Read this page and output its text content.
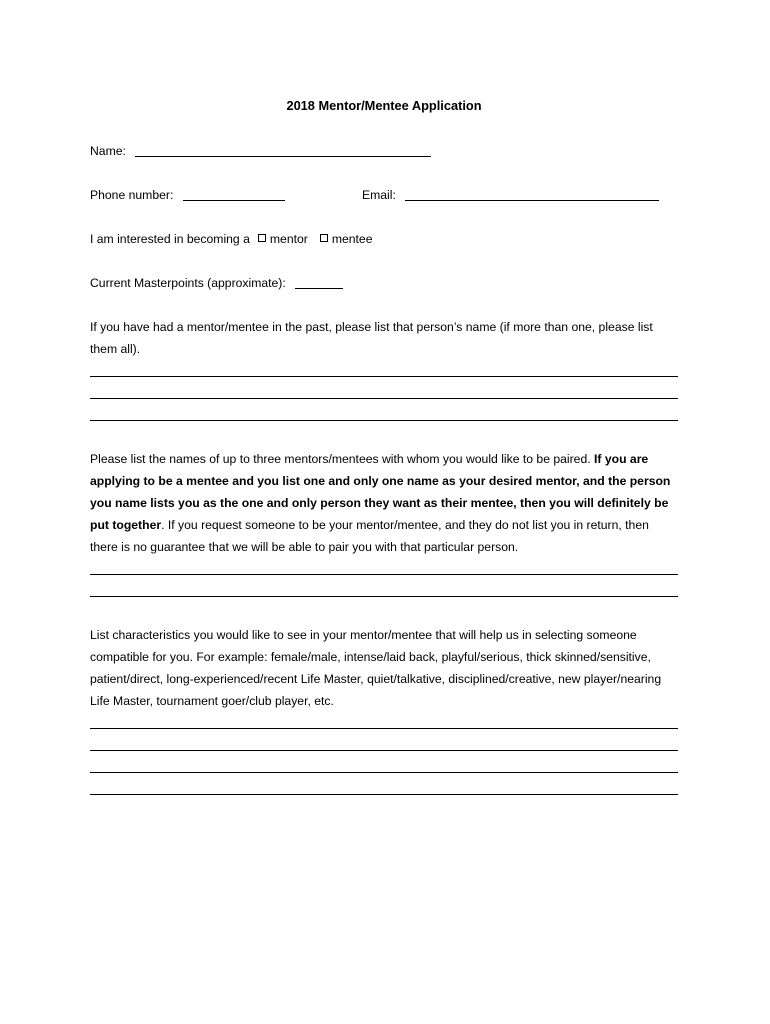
2018 Mentor/Mentee Application
Name:
Phone number:	Email:
I am interested in becoming a mentor mentee
Current Masterpoints (approximate):

If you have had a mentor/mentee in the past, please list that person’s name (if more than one, please list them all).

Please list the names of up to three mentors/mentees with whom you would like to be paired. If you are applying to be a mentee and you list one and only one name as your desired mentor, and the person you name lists you as the one and only person they want as their mentee, then you will definitely be put together. If you request someone to be your mentor/mentee, and they do not list you in return, then there is no guarantee that we will be able to pair you with that particular person.

List characteristics you would like to see in your mentor/mentee that will help us in selecting someone compatible for you. For example: female/male, intense/laid back, playful/serious, thick skinned/sensitive, patient/direct, long-experienced/recent Life Master, quiet/talkative, disciplined/creative, new player/nearing Life Master, tournament goer/club player, etc.
